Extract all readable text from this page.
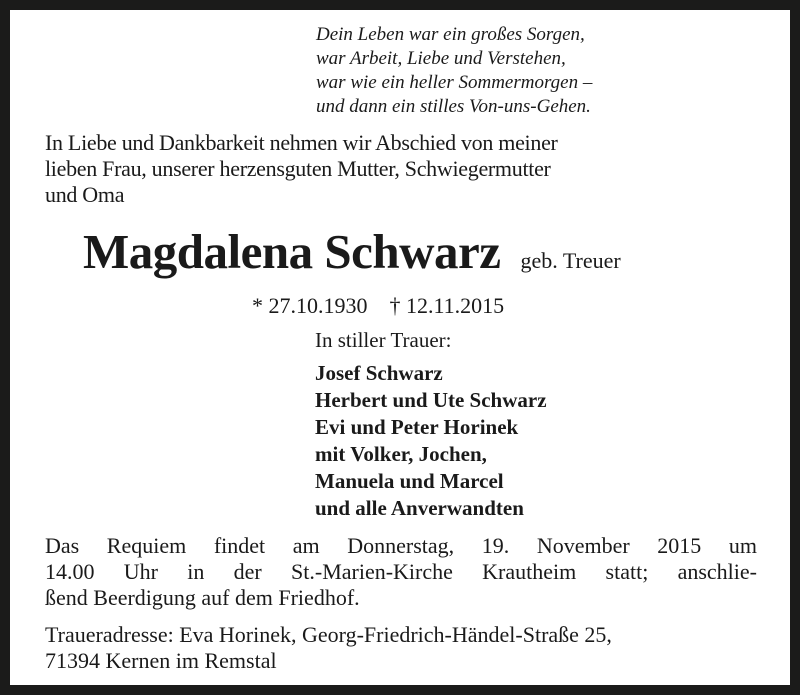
Dein Leben war ein großes Sorgen,
war Arbeit, Liebe und Verstehen,
war wie ein heller Sommermorgen –
und dann ein stilles Von-uns-Gehen.
In Liebe und Dankbarkeit nehmen wir Abschied von meiner
lieben Frau, unserer herzensguten Mutter, Schwiegermutter
und Oma
Magdalena Schwarz geb. Treuer
* 27.10.1930 † 12.11.2015
In stiller Trauer:
Josef Schwarz
Herbert und Ute Schwarz
Evi und Peter Horinek
mit Volker, Jochen,
Manuela und Marcel
und alle Anverwandten
Das Requiem findet am Donnerstag, 19. November 2015 um
14.00 Uhr in der St.-Marien-Kirche Krautheim statt; anschlie-
ßend Beerdigung auf dem Friedhof.
Traueradresse: Eva Horinek, Georg-Friedrich-Händel-Straße 25,
71394 Kernen im Remstal
